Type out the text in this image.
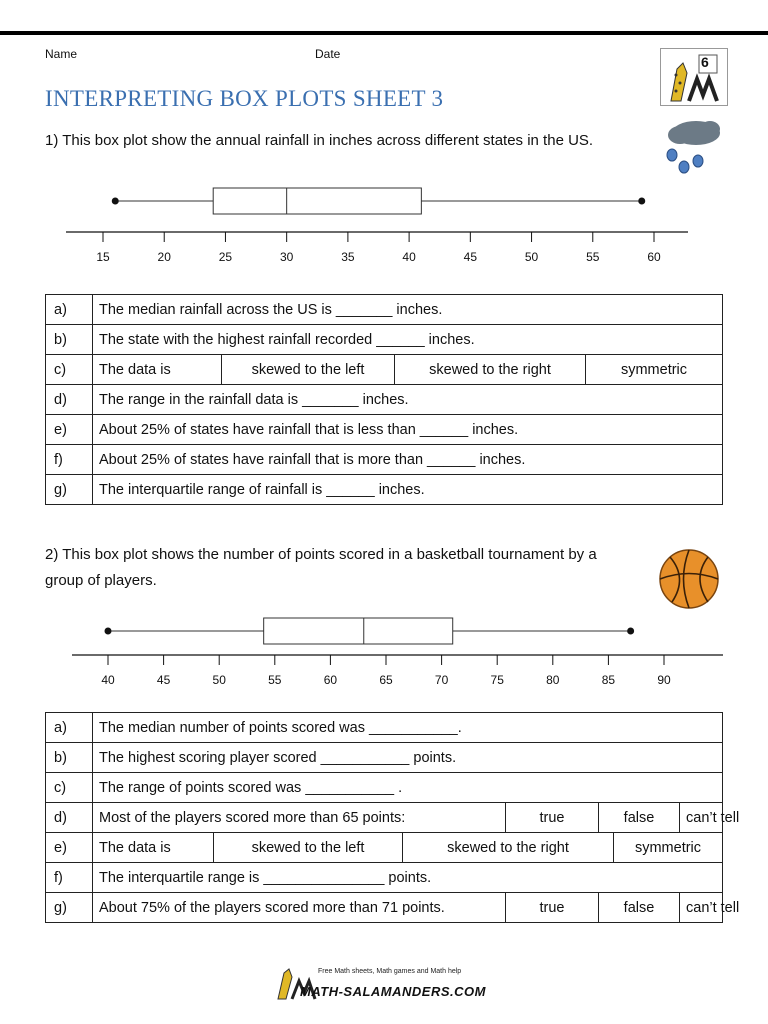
Name	Date	6
INTERPRETING BOX PLOTS SHEET 3
1) This box plot show the annual rainfall in inches across different states in the US.
15	20	25	30	35	40	45	50	55	60
a)	The median rainfall across the US is _______ inches.
b)	The state with the highest rainfall recorded ______ inches.
c)	The data is	skewed to the left	skewed to the right	symmetric

d)	The range in the rainfall data is _______ inches.
e)	About 25% of states have rainfall that is less than ______ inches.
f)	About 25% of states have rainfall that is more than ______ inches.
g)	The interquartile range of rainfall is ______ inches.
2) This box plot shows the number of points scored in a basketball tournament by a
group of players.
40	45	50	55	60	65	70	75	80	85	90
a)	The median number of points scored was ___________.
b)	The highest scoring player scored ___________ points.
c)	The range of points scored was ___________ .
d)	Most of the players scored more than 65 points:	true	false	can’t tell

e)	The data is	skewed to the left	skewed to the right	symmetric

f)	The interquartile range is _______________ points.
g)	About 75% of the players scored more than 71 points.	true	false	can’t tell
Free Math sheets, Math games and Math help
MATH-SALAMANDERS.COM
